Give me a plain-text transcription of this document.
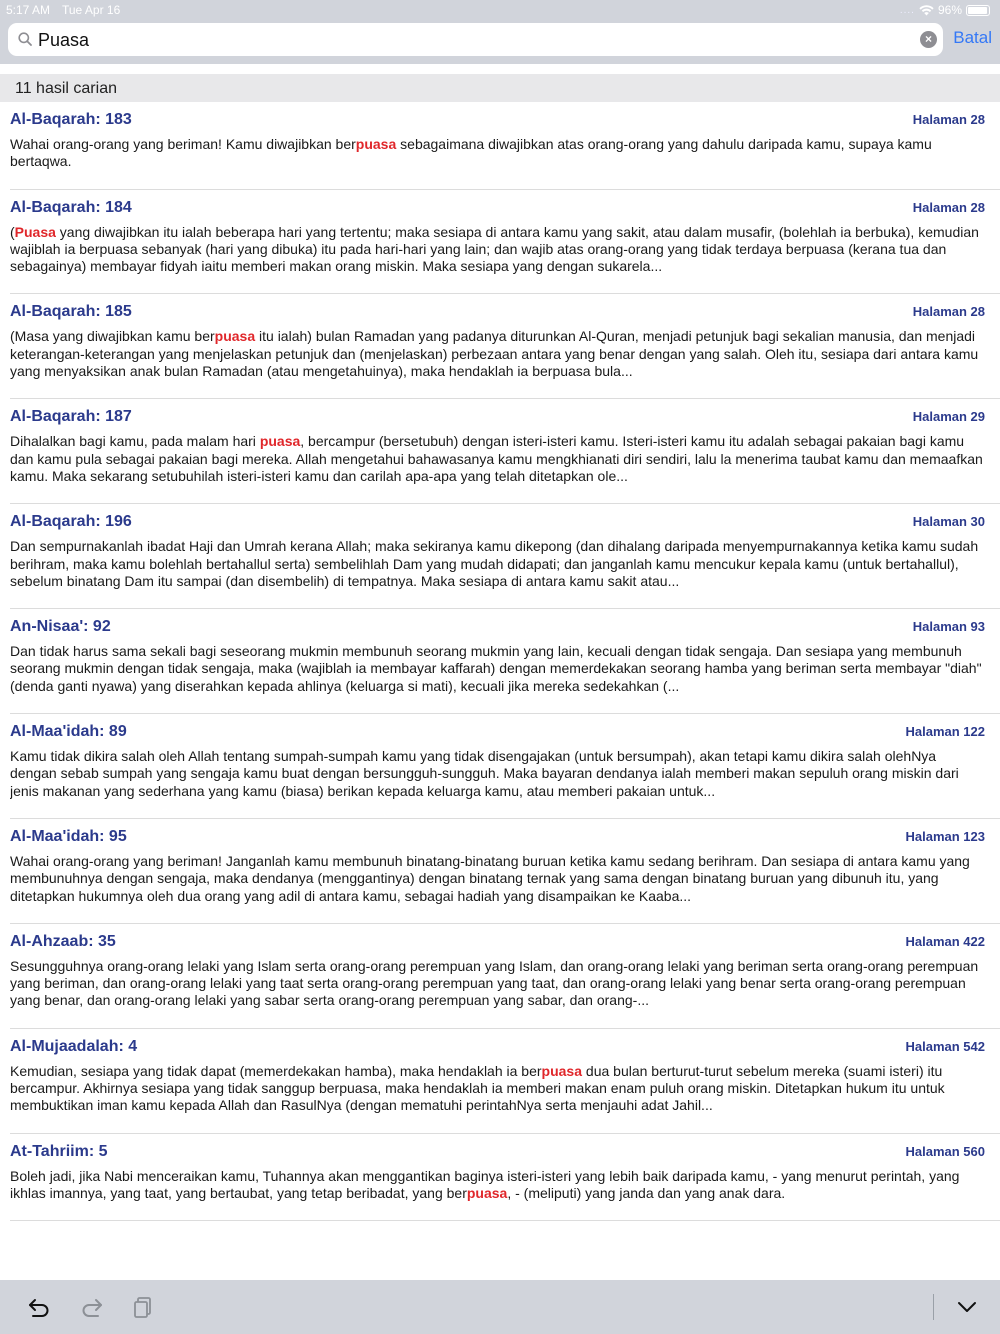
5:17 AM Tue Apr 16	.... 96%
Puasa
× Batal
11 hasil carian
Al-Baqarah: 183	Halaman 28
Wahai orang-orang yang beriman! Kamu diwajibkan berpuasa sebagaimana diwajibkan atas orang-orang yang dahulu daripada kamu, supaya kamu bertaqwa.
Al-Baqarah: 184	Halaman 28
(Puasa yang diwajibkan itu ialah beberapa hari yang tertentu; maka sesiapa di antara kamu yang sakit, atau dalam musafir, (bolehlah ia berbuka), kemudian wajiblah ia berpuasa sebanyak (hari yang dibuka) itu pada hari-hari yang lain; dan wajib atas orang-orang yang tidak terdaya berpuasa (kerana tua dan sebagainya) membayar fidyah iaitu memberi makan orang miskin. Maka sesiapa yang dengan sukarela...
Al-Baqarah: 185	Halaman 28
(Masa yang diwajibkan kamu berpuasa itu ialah) bulan Ramadan yang padanya diturunkan Al-Quran, menjadi petunjuk bagi sekalian manusia, dan menjadi keterangan-keterangan yang menjelaskan petunjuk dan (menjelaskan) perbezaan antara yang benar dengan yang salah. Oleh itu, sesiapa dari antara kamu yang menyaksikan anak bulan Ramadan (atau mengetahuinya), maka hendaklah ia berpuasa bula...
Al-Baqarah: 187	Halaman 29
Dihalalkan bagi kamu, pada malam hari puasa, bercampur (bersetubuh) dengan isteri-isteri kamu. Isteri-isteri kamu itu adalah sebagai pakaian bagi kamu dan kamu pula sebagai pakaian bagi mereka. Allah mengetahui bahawasanya kamu mengkhianati diri sendiri, lalu la menerima taubat kamu dan memaafkan kamu. Maka sekarang setubuhilah isteri-isteri kamu dan carilah apa-apa yang telah ditetapkan ole...
Al-Baqarah: 196	Halaman 30
Dan sempurnakanlah ibadat Haji dan Umrah kerana Allah; maka sekiranya kamu dikepong (dan dihalang daripada menyempurnakannya ketika kamu sudah berihram, maka kamu bolehlah bertahallul serta) sembelihlah Dam yang mudah didapati; dan janganlah kamu mencukur kepala kamu (untuk bertahallul), sebelum binatang Dam itu sampai (dan disembelih) di tempatnya. Maka sesiapa di antara kamu sakit atau...
An-Nisaa': 92	Halaman 93
Dan tidak harus sama sekali bagi seseorang mukmin membunuh seorang mukmin yang lain, kecuali dengan tidak sengaja. Dan sesiapa yang membunuh seorang mukmin dengan tidak sengaja, maka (wajiblah ia membayar kaffarah) dengan memerdekakan seorang hamba yang beriman serta membayar "diah" (denda ganti nyawa) yang diserahkan kepada ahlinya (keluarga si mati), kecuali jika mereka sedekahkan (...
Al-Maa'idah: 89	Halaman 122
Kamu tidak dikira salah oleh Allah tentang sumpah-sumpah kamu yang tidak disengajakan (untuk bersumpah), akan tetapi kamu dikira salah olehNya dengan sebab sumpah yang sengaja kamu buat dengan bersungguh-sungguh. Maka bayaran dendanya ialah memberi makan sepuluh orang miskin dari jenis makanan yang sederhana yang kamu (biasa) berikan kepada keluarga kamu, atau memberi pakaian untuk...
Al-Maa'idah: 95	Halaman 123
Wahai orang-orang yang beriman! Janganlah kamu membunuh binatang-binatang buruan ketika kamu sedang berihram. Dan sesiapa di antara kamu yang membunuhnya dengan sengaja, maka dendanya (menggantinya) dengan binatang ternak yang sama dengan binatang buruan yang dibunuh itu, yang ditetapkan hukumnya oleh dua orang yang adil di antara kamu, sebagai hadiah yang disampaikan ke Kaaba...
Al-Ahzaab: 35	Halaman 422
Sesungguhnya orang-orang lelaki yang Islam serta orang-orang perempuan yang Islam, dan orang-orang lelaki yang beriman serta orang-orang perempuan yang beriman, dan orang-orang lelaki yang taat serta orang-orang perempuan yang taat, dan orang-orang lelaki yang benar serta orang-orang perempuan yang benar, dan orang-orang lelaki yang sabar serta orang-orang perempuan yang sabar, dan orang-...
Al-Mujaadalah: 4	Halaman 542
Kemudian, sesiapa yang tidak dapat (memerdekakan hamba), maka hendaklah ia berpuasa dua bulan berturut-turut sebelum mereka (suami isteri) itu bercampur. Akhirnya sesiapa yang tidak sanggup berpuasa, maka hendaklah ia memberi makan enam puluh orang miskin. Ditetapkan hukum itu untuk membuktikan iman kamu kepada Allah dan RasulNya (dengan mematuhi perintahNya serta menjauhi adat Jahil...
At-Tahriim: 5	Halaman 560
Boleh jadi, jika Nabi menceraikan kamu, Tuhannya akan menggantikan baginya isteri-isteri yang lebih baik daripada kamu, - yang menurut perintah, yang ikhlas imannya, yang taat, yang bertaubat, yang tetap beribadat, yang berpuasa, - (meliputi) yang janda dan yang anak dara.
